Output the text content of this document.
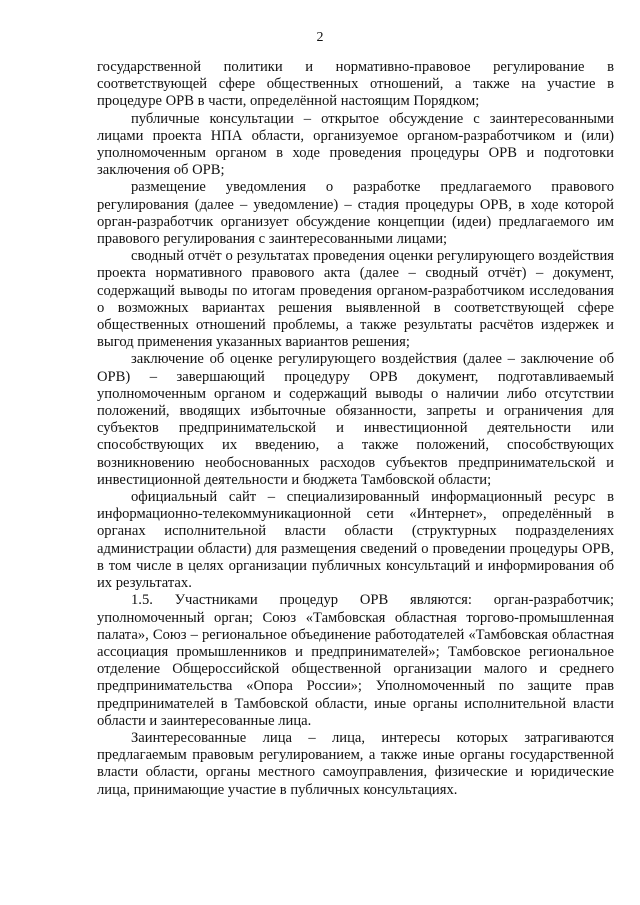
2

государственной политики и нормативно-правовое регулирование в соответствующей сфере общественных отношений, а также на участие в процедуре ОРВ в части, определённой настоящим Порядком;

публичные консультации – открытое обсуждение с заинтересованными лицами проекта НПА области, организуемое органом-разработчиком и (или) уполномоченным органом в ходе проведения процедуры ОРВ и подготовки заключения об ОРВ;

размещение уведомления о разработке предлагаемого правового регулирования (далее – уведомление) – стадия процедуры ОРВ, в ходе которой орган-разработчик организует обсуждение концепции (идеи) предлагаемого им правового регулирования с заинтересованными лицами;

сводный отчёт о результатах проведения оценки регулирующего воздействия проекта нормативного правового акта (далее – сводный отчёт) – документ, содержащий выводы по итогам проведения органом-разработчиком исследования о возможных вариантах решения выявленной в соответствующей сфере общественных отношений проблемы, а также результаты расчётов издержек и выгод применения указанных вариантов решения;

заключение об оценке регулирующего воздействия (далее – заключение об ОРВ) – завершающий процедуру ОРВ документ, подготавливаемый уполномоченным органом и содержащий выводы о наличии либо отсутствии положений, вводящих избыточные обязанности, запреты и ограничения для субъектов предпринимательской и инвестиционной деятельности или способствующих их введению, а также положений, способствующих возникновению необоснованных расходов субъектов предпринимательской и инвестиционной деятельности и бюджета Тамбовской области;

официальный сайт – специализированный информационный ресурс в информационно-телекоммуникационной сети «Интернет», определённый в органах исполнительной власти области (структурных подразделениях администрации области) для размещения сведений о проведении процедуры ОРВ, в том числе в целях организации публичных консультаций и информирования об их результатах.

1.5. Участниками процедур ОРВ являются: орган-разработчик; уполномоченный орган; Союз «Тамбовская областная торгово-промышленная палата», Союз – региональное объединение работодателей «Тамбовская областная ассоциация промышленников и предпринимателей»; Тамбовское региональное отделение Общероссийской общественной организации малого и среднего предпринимательства «Опора России»; Уполномоченный по защите прав предпринимателей в Тамбовской области, иные органы исполнительной власти области и заинтересованные лица.

Заинтересованные лица – лица, интересы которых затрагиваются предлагаемым правовым регулированием, а также иные органы государственной власти области, органы местного самоуправления, физические и юридические лица, принимающие участие в публичных консультациях.
